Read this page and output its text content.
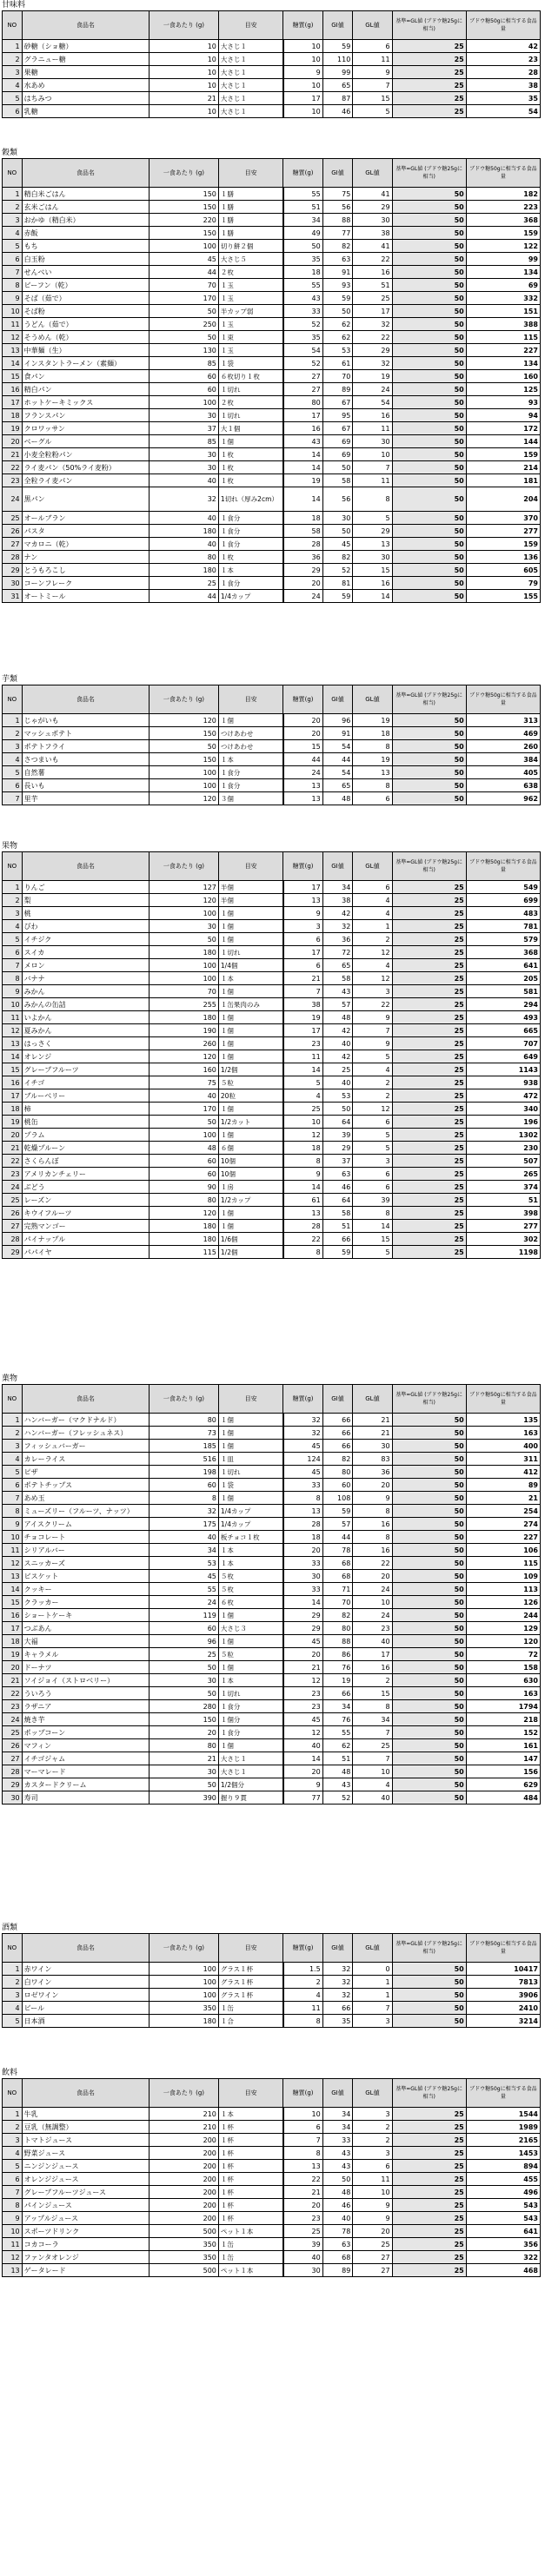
甘味料
NO	食品名	一食あたり (g)	目安	糖質(g)	GI値	GL値	基準=GL値 (ブドウ糖25gに相当)	ブドウ糖50gに相当する食品量
1	砂糖（ショ糖）	10	大さじ１	10	59	6	25	42
2	グラニュー糖	10	大さじ１	10	110	11	25	23
3	果糖	10	大さじ１	9	99	9	25	28
4	水あめ	10	大さじ１	10	65	7	25	38
5	はちみつ	21	大さじ１	17	87	15	25	35
6	乳糖	10	大さじ１	10	46	5	25	54
穀類
NO	食品名	一食あたり (g)	目安	糖質(g)	GI値	GL値	基準=GL値 (ブドウ糖25gに相当)	ブドウ糖50gに相当する食品量
1	精白米ごはん	150	１膳	55	75	41	50	182
2	玄米ごはん	150	１膳	51	56	29	50	223
3	おかゆ（精白米）	220	１膳	34	88	30	50	368
4	赤飯	150	１膳	49	77	38	50	159
5	もち	100	切り餅２個	50	82	41	50	122
6	白玉粉	45	大さじ５	35	63	22	50	99
7	せんべい	44	２枚	18	91	16	50	134
8	ビーフン（乾）	70	１玉	55	93	51	50	69
9	そば（茹で）	170	１玉	43	59	25	50	332
10	そば粉	50	半カップ弱	33	50	17	50	151
11	うどん（茹で）	250	１玉	52	62	32	50	388
12	そうめん（乾）	50	１束	35	62	22	50	115
13	中華麺（生）	130	１玉	54	53	29	50	227
14	インスタントラーメン（素麺）	85	１袋	52	61	32	50	134
15	食パン	60	６枚切り１枚	27	70	19	50	160
16	精白パン	60	１切れ	27	89	24	50	125
17	ホットケーキミックス	100	２枚	80	67	54	50	93
18	フランスパン	30	１切れ	17	95	16	50	94
19	クロワッサン	37	大１個	16	67	11	50	172
20	ベーグル	85	１個	43	69	30	50	144
21	小麦全粒粉パン	30	１枚	14	69	10	50	159
22	ライ麦パン（50%ライ麦粉）	30	１枚	14	50	7	50	214
23	全粒ライ麦パン	40	１枚	19	58	11	50	181
24	黒パン	32	1切れ（厚み2cm）	14	56	8	50	204
25	オールブラン	40	１食分	18	30	5	50	370
26	パスタ	180	１食分	58	50	29	50	277
27	マカロニ（乾）	40	１食分	28	45	13	50	159
28	ナン	80	１枚	36	82	30	50	136
29	とうもろこし	180	１本	29	52	15	50	605
30	コーンフレーク	25	１食分	20	81	16	50	79
31	オートミール	44	1/4カップ	24	59	14	50	155
芋類
NO	食品名	一食あたり (g)	目安	糖質(g)	GI値	GL値	基準=GL値 (ブドウ糖25gに相当)	ブドウ糖50gに相当する食品量
1	じゃがいも	120	１個	20	96	19	50	313
2	マッシュポテト	150	つけあわせ	20	91	18	50	469
3	ポテトフライ	50	つけあわせ	15	54	8	50	260
4	さつまいも	150	１本	44	44	19	50	384
5	自然薯	100	１食分	24	54	13	50	405
6	長いも	100	１食分	13	65	8	50	638
7	里芋	120	３個	13	48	6	50	962
果物
NO	食品名	一食あたり (g)	目安	糖質(g)	GI値	GL値	基準=GL値 (ブドウ糖25gに相当)	ブドウ糖50gに相当する食品量
1	りんご	127	半個	17	34	6	25	549
2	梨	120	半個	13	38	4	25	699
3	桃	100	１個	9	42	4	25	483
4	びわ	30	１個	3	32	1	25	781
5	イチジク	50	１個	6	36	2	25	579
6	スイカ	180	１切れ	17	72	12	25	368
7	メロン	100	1/4個	6	65	4	25	641
8	バナナ	100	１本	21	58	12	25	205
9	みかん	70	１個	7	43	3	25	581
10	みかんの缶詰	255	１缶果肉のみ	38	57	22	25	294
11	いよかん	180	１個	19	48	9	25	493
12	夏みかん	190	１個	17	42	7	25	665
13	はっさく	260	１個	23	40	9	25	707
14	オレンジ	120	１個	11	42	5	25	649
15	グレープフルーツ	160	1/2個	14	25	4	25	1143
16	イチゴ	75	５粒	5	40	2	25	938
17	ブルーベリー	40	20粒	4	53	2	25	472
18	柿	170	１個	25	50	12	25	340
19	桃缶	50	1/2カット	10	64	6	25	196
20	プラム	100	１個	12	39	5	25	1302
21	乾燥プルーン	48	６個	18	29	5	25	230
22	さくらんぼ	60	10個	8	37	3	25	507
23	アメリカンチェリー	60	10個	9	63	6	25	265
24	ぶどう	90	１房	14	46	6	25	374
25	レーズン	80	1/2カップ	61	64	39	25	51
26	キウイフルーツ	120	１個	13	58	8	25	398
27	完熟マンゴー	180	１個	28	51	14	25	277
28	パイナップル	180	1/6個	22	66	15	25	302
29	パパイヤ	115	1/2個	8	59	5	25	1198
菓物
NO	食品名	一食あたり (g)	目安	糖質(g)	GI値	GL値	基準=GL値 (ブドウ糖25gに相当)	ブドウ糖50gに相当する食品量
1	ハンバーガー（マクドナルド）	80	１個	32	66	21	50	135
2	ハンバーガー（フレッシュネス）	73	１個	32	66	21	50	163
3	フィッシュバーガー	185	１個	45	66	30	50	400
4	カレーライス	516	１皿	124	82	83	50	311
5	ピザ	198	１切れ	45	80	36	50	412
6	ポテトチップス	60	１袋	33	60	20	50	89
7	あめ玉	8	１個	8	108	9	50	21
8	ミューズリー（フルーツ、ナッツ）	32	1/4カップ	13	59	8	50	254
9	アイスクリーム	175	1/4カップ	28	57	16	50	274
10	チョコレート	40	板チョコ１枚	18	44	8	50	227
11	シリアルバー	34	１本	20	78	16	50	106
12	スニッカーズ	53	１本	33	68	22	50	115
13	ビスケット	45	５枚	30	68	20	50	109
14	クッキー	55	５枚	33	71	24	50	113
15	クラッカー	24	６枚	14	70	10	50	126
16	ショートケーキ	119	１個	29	82	24	50	244
17	つぶあん	60	大さじ３	29	80	23	50	129
18	大福	96	１個	45	88	40	50	120
19	キャラメル	25	５粒	20	86	17	50	72
20	ドーナツ	50	１個	21	76	16	50	158
21	ソイジョイ（ストロベリー）	30	１本	12	19	2	50	630
22	ういろう	50	１切れ	23	66	15	50	163
23	ラザニア	280	１食分	23	34	8	50	1794
24	焼き芋	150	１個分	45	76	34	50	218
25	ポップコーン	20	１食分	12	55	7	50	152
26	マフィン	80	１個	40	62	25	50	161
27	イチゴジャム	21	大さじ１	14	51	7	50	147
28	マーマレード	30	大さじ１	20	48	10	50	156
29	カスタードクリーム	50	1/2個分	9	43	4	50	629
30	寿司	390	握り９貫	77	52	40	50	484
酒類
NO	食品名	一食あたり (g)	目安	糖質(g)	GI値	GL値	基準=GL値 (ブドウ糖25gに相当)	ブドウ糖50gに相当する食品量
1	赤ワイン	100	グラス１杯	1.5	32	0	50	10417
2	白ワイン	100	グラス１杯	2	32	1	50	7813
3	ロゼワイン	100	グラス１杯	4	32	1	50	3906
4	ビール	350	１缶	11	66	7	50	2410
5	日本酒	180	１合	8	35	3	50	3214
飲料
NO	食品名	一食あたり (g)	目安	糖質(g)	GI値	GL値	基準=GL値 (ブドウ糖25gに相当)	ブドウ糖50gに相当する食品量
1	牛乳	210	１本	10	34	3	25	1544
2	豆乳（無調整）	210	１杯	6	34	2	25	1989
3	トマトジュース	200	１杯	7	33	2	25	2165
4	野菜ジュース	200	１杯	8	43	3	25	1453
5	ニンジンジュース	200	１杯	13	43	6	25	894
6	オレンジジュース	200	１杯	22	50	11	25	455
7	グレープフルーツジュース	200	１杯	21	48	10	25	496
8	パインジュース	200	１杯	20	46	9	25	543
9	アップルジュース	200	１杯	23	40	9	25	543
10	スポーツドリンク	500	ペット１本	25	78	20	25	641
11	コカコーラ	350	１缶	39	63	25	25	356
12	ファンタオレンジ	350	１缶	40	68	27	25	322
13	ゲータレード	500	ペット１本	30	89	27	25	468
